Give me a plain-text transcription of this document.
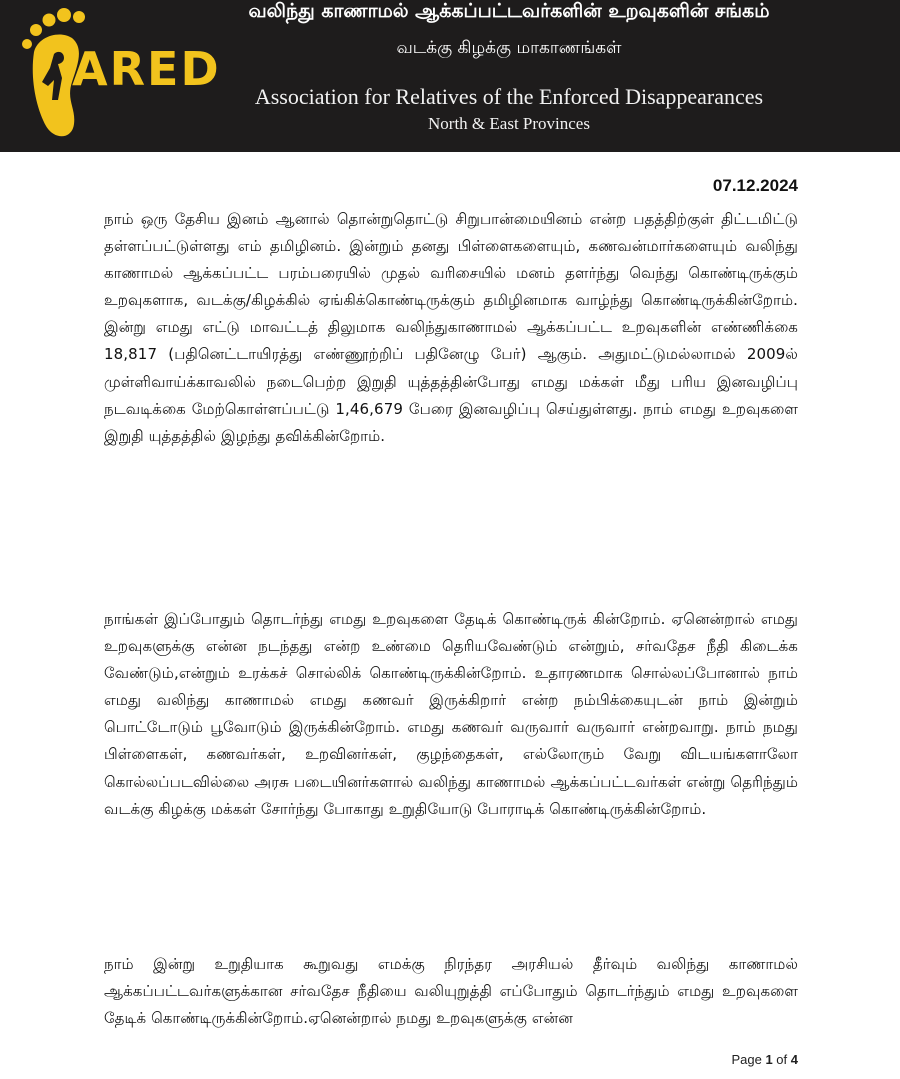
ARED
வலிந்து காணாமல் ஆக்கப்பட்டவர்களின் உறவுகளின் சங்கம்
வடக்கு கிழக்கு மாகாணங்கள்
Association for Relatives of the Enforced Disappearances
North & East Provinces
07.12.2024

நாம் ஒரு தேசிய இனம் ஆனால் தொன்றுதொட்டு சிறுபான்மையினம் என்ற பதத்திற்குள் திட்டமிட்டு தள்ளப்பட்டுள்ளது எம் தமிழினம். இன்றும் தனது பிள்ளைகளையும், கணவன்மார்களையும் வலிந்து காணாமல் ஆக்கப்பட்ட பரம்பரையில் முதல் வரிசையில் மனம் தளர்ந்து வெந்து கொண்டிருக்கும் உறவுகளாக, வடக்கு/கிழக்கில் ஏங்கிக்கொண்டிருக்கும் தமிழினமாக வாழ்ந்து கொண்டிருக்கின்றோம். இன்று எமது எட்டு மாவட்டத் திலுமாக வலிந்துகாணாமல் ஆக்கப்பட்ட உறவுகளின் எண்ணிக்கை 18,817 (பதினெட்டாயிரத்து எண்ணூற்றிப் பதினேழு பேர்) ஆகும். அதுமட்டுமல்லாமல் 2009ல் முள்ளிவாய்க்காவலில் நடைபெற்ற இறுதி யுத்தத்தின்போது எமது மக்கள் மீது பரிய இனவழிப்பு நடவடிக்கை மேற்கொள்ளப்பட்டு 1,46,679 பேரை இனவழிப்பு செய்துள்ளது. நாம் எமது உறவுகளை இறுதி யுத்தத்தில் இழந்து தவிக்கின்றோம்.

நாங்கள் இப்போதும் தொடர்ந்து எமது உறவுகளை தேடிக் கொண்டிருக் கின்றோம். ஏனென்றால் எமது உறவுகளுக்கு என்ன நடந்தது என்ற உண்மை தெரியவேண்டும் என்றும், சர்வதேச நீதி கிடைக்க வேண்டும்,என்றும் உரக்கச் சொல்லிக் கொண்டிருக்கின்றோம். உதாரணமாக சொல்லப்போனால் நாம் எமது வலிந்து காணாமல் எமது கணவர் இருக்கிறார் என்ற நம்பிக்கையுடன் நாம் இன்றும் பொட்டோடும் பூவோடும் இருக்கின்றோம். எமது கணவர் வருவார் வருவார் என்றவாறு. நாம் நமது பிள்ளைகள், கணவர்கள், உறவினர்கள், குழந்தைகள், எல்லோரும் வேறு விடயங்களாலோ கொல்லப்படவில்லை அரசு படையினர்களால் வலிந்து காணாமல் ஆக்கப்பட்டவர்கள் என்று தெரிந்தும் வடக்கு கிழக்கு மக்கள் சோர்ந்து போகாது உறுதியோடு போராடிக் கொண்டிருக்கின்றோம்.

நாம் இன்று உறுதியாக கூறுவது எமக்கு நிரந்தர அரசியல் தீர்வும் வலிந்து காணாமல் ஆக்கப்பட்டவர்களுக்கான சர்வதேச நீதியை வலியுறுத்தி எப்போதும் தொடர்ந்தும் எமது உறவுகளை தேடிக் கொண்டிருக்கின்றோம்.ஏனென்றால் நமது உறவுகளுக்கு என்ன

Page 1 of 4
